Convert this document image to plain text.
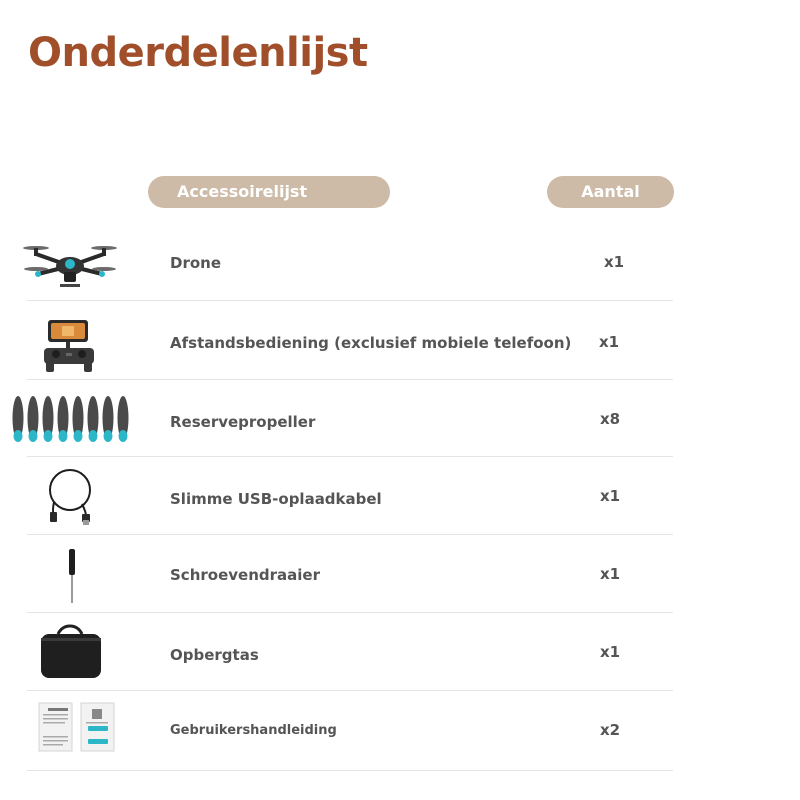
Onderdelenlijst
Accessoirelijst	Aantal
Drone	x1
Afstandsbediening (exclusief mobiele telefoon) x1
Reservepropeller	x8
Slimme USB-oplaadkabel	x1
Schroevendraaier	x1
Opbergtas	x1
Gebruikershandleiding	x2
